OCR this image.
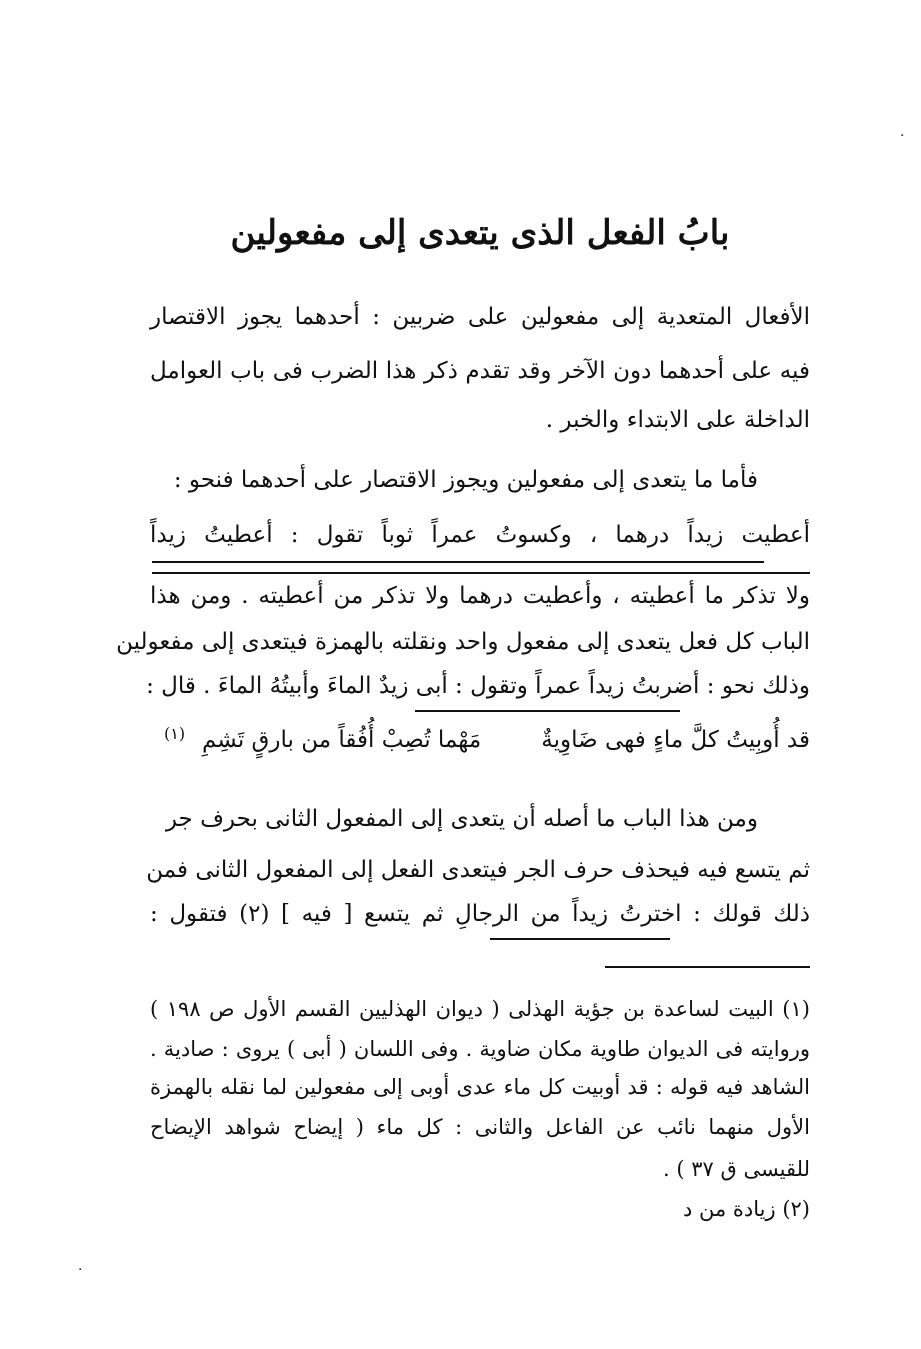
·
·
بابُ الفعل الذى يتعدى إلى مفعولين
الأفعال المتعدية إلى مفعولين على ضربين : أحدهما يجوز الاقتصار
فيه على أحدهما دون الآخر وقد تقدم ذكر هذا الضرب فى باب العوامل
الداخلة على الابتداء والخبر .
فأما ما يتعدى إلى مفعولين ويجوز الاقتصار على أحدهما فنحو :
أعطيت زيداً درهما ، وكسوتُ عمراً ثوباً تقول : أعطيتُ زيداً
ولا تذكر ما أعطيته ، وأعطيت درهما ولا تذكر من أعطيته . ومن هذا
الباب كل فعل يتعدى إلى مفعول واحد ونقلته بالهمزة فيتعدى إلى مفعولين
وذلك نحو : أضربتُ زيداً عمراً وتقول : أبى زيدٌ الماءَ وأبيتُهُ الماءَ . قال :
قد أُوبِيتُ كلَّ ماءٍ فهى ضَاوِيةٌ
مَهْما تُصِبْ أُفُقاً من بارقٍ تَشِمِ
(١)
ومن هذا الباب ما أصله أن يتعدى إلى المفعول الثانى بحرف جر
ثم يتسع فيه فيحذف حرف الجر فيتعدى الفعل إلى المفعول الثانى فمن
ذلك قولك : اخترتُ زيداً من الرجالِ ثم يتسع [ فيه ] (٢) فتقول :
(١) البيت لساعدة بن جؤية الهذلى ( ديوان الهذليين القسم الأول ص ١٩٨ )
وروايته فى الديوان طاوية مكان ضاوية . وفى اللسان ( أبى ) يروى : صادية .
الشاهد فيه قوله : قد أوبيت كل ماء عدى أوبى إلى مفعولين لما نقله بالهمزة
الأول منهما نائب عن الفاعل والثانى : كل ماء ( إيضاح شواهد الإيضاح
للقيسى ق ٣٧ ) .
(٢) زيادة من د
